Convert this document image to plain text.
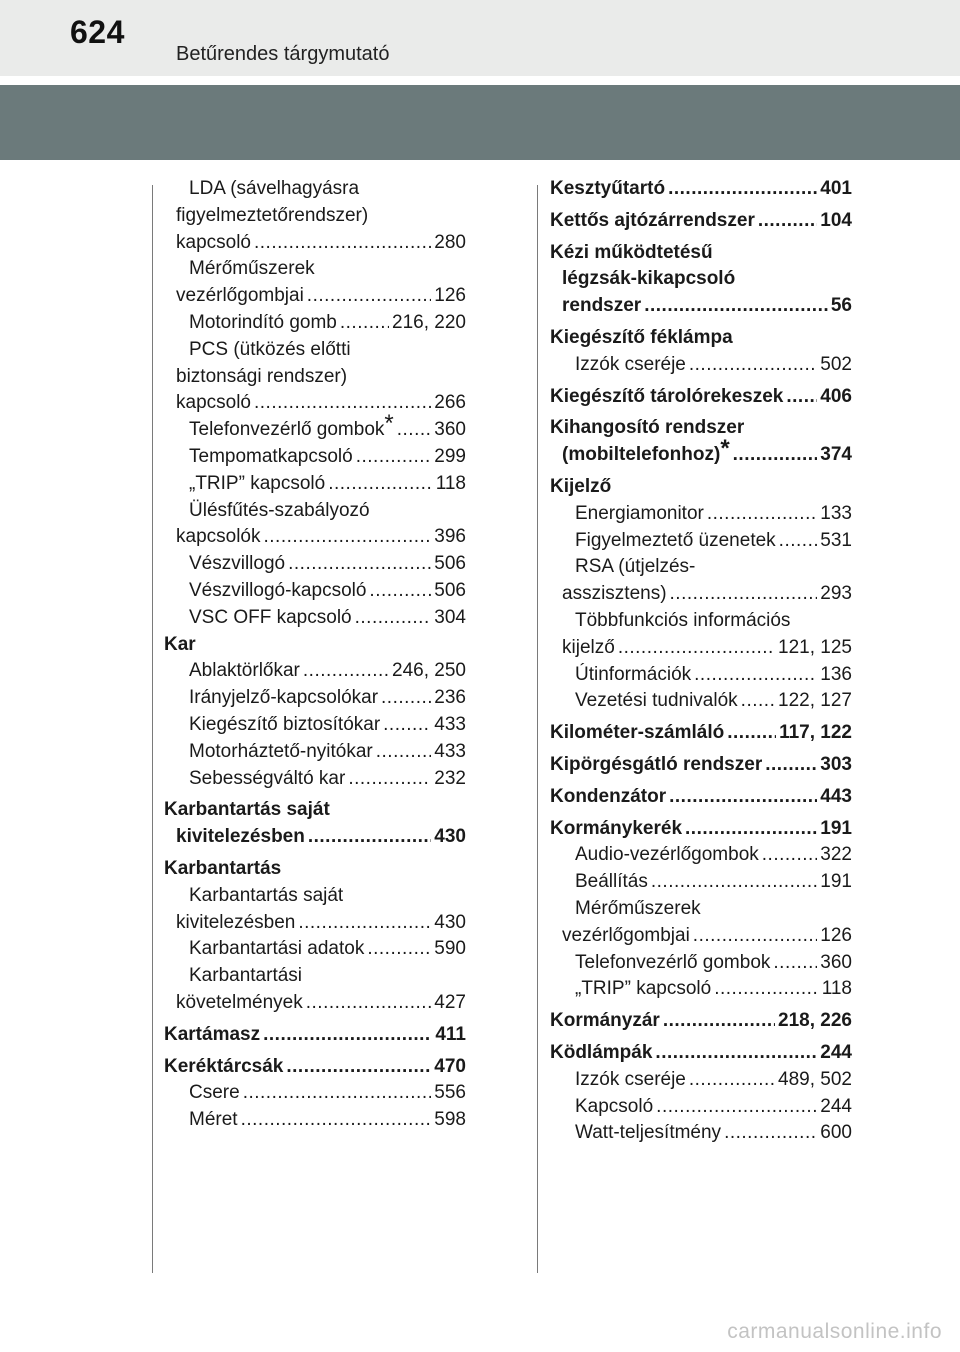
624
Betűrendes tárgymutató
LDA (sávelhagyásra
figyelmeztetőrendszer)
kapcsoló .....	280
Mérőműszerek
vezérlőgombjai .....	126
Motorindító gomb .....	216, 220
PCS (ütközés előtti
biztonsági rendszer)
kapcsoló .....	266
Telefonvezérlő gombok* ..... 360
Tempomatkapcsoló .....	299
„TRIP” kapcsoló .....	118
Ülésfűtés-szabályozó
kapcsolók .....	396
Vészvillogó .....	506
Vészvillogó-kapcsoló .....	506
VSC OFF kapcsoló .....	304
Kar
Ablaktörlőkar .....	246, 250
Irányjelző-kapcsolókar .....	236
Kiegészítő biztosítókar .....	433
Motorháztető-nyitókar .....	433
Sebességváltó kar .....	232
Karbantartás saját
kivitelezésben .....	430
Karbantartás
Karbantartás saját
kivitelezésben .....	430
Karbantartási adatok .....	590
Karbantartási
követelmények .....	427
Kartámasz .....	411
Keréktárcsák .....	470
Csere .....	556
Méret .....	598
Kesztyűtartó .....	401
Kettős ajtózárrendszer .....	104
Kézi működtetésű
légzsák-kikapcsoló
rendszer .....	56
Kiegészítő féklámpa
Izzók cseréje .....	502
Kiegészítő tárolórekeszek ..... 406
Kihangosító rendszer
(mobiltelefonhoz)* .....	374
Kijelző
Energiamonitor .....	133
Figyelmeztető üzenetek ..... 531
RSA (útjelzés-
asszisztens) .....	293
Többfunkciós információs
kijelző .....	121, 125
Útinformációk .....	136
Vezetési tudnivalók ..... 122, 127
Kilométer-számláló .....	117, 122
Kipörgésgátló rendszer .....	303
Kondenzátor .....	443
Kormánykerék .....	191
Audio-vezérlőgombok .....	322
Beállítás .....	191
Mérőműszerek
vezérlőgombjai .....	126
Telefonvezérlő gombok .....	360
„TRIP” kapcsoló .....	118
Kormányzár .....	218, 226
Ködlámpák .....	244
Izzók cseréje .....	489, 502
Kapcsoló .....	244
Watt-teljesítmény .....	600
carmanualsonline.info
